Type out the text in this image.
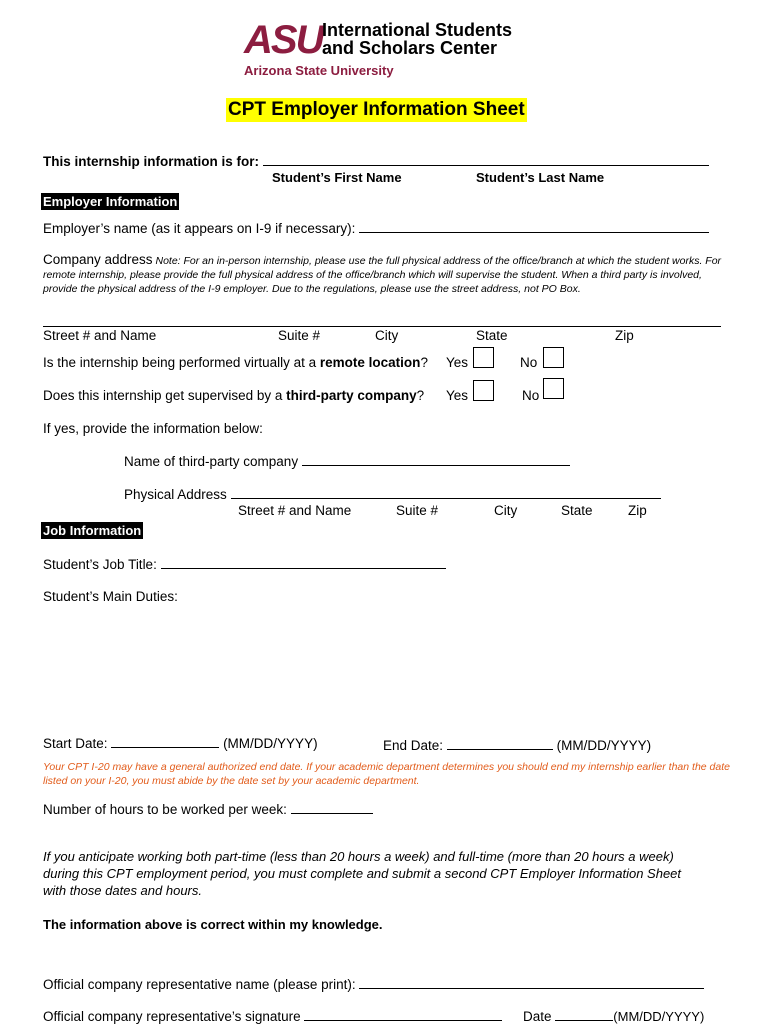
ASU International Students
and Scholars Center
Arizona State University
CPT Employer Information Sheet
This internship information is for:
Student’s First Name	Student’s Last Name
Employer Information
Employer’s name (as it appears on I-9 if necessary):
Company address Note: For an in-person internship, please use the full physical address of the office/branch at which the student works. For remote internship, please provide the full physical address of the office/branch which will supervise the student. When a third party is involved, provide the physical address of the I-9 employer. Due to the regulations, please use the street address, not PO Box.
Street # and Name	Suite #	City	State	Zip
Is the internship being performed virtually at a remote location? Yes	No
Does this internship get supervised by a third-party company? Yes	No
If yes, provide the information below:
Name of third-party company
Physical Address
Street # and Name	Suite #	City	State	Zip
Job Information
Student’s Job Title:
Student’s Main Duties:
Start Date:	(MM/DD/YYYY)	End Date:	(MM/DD/YYYY)
Your CPT I-20 may have a general authorized end date. If your academic department determines you should end my internship earlier than the date listed on your I-20, you must abide by the date set by your academic department.
Number of hours to be worked per week:
If you anticipate working both part-time (less than 20 hours a week) and full-time (more than 20 hours a week) during this CPT employment period, you must complete and submit a second CPT Employer Information Sheet with those dates and hours.
The information above is correct within my knowledge.
Official company representative name (please print):
Official company representative’s signature	Date	(MM/DD/YYYY)
